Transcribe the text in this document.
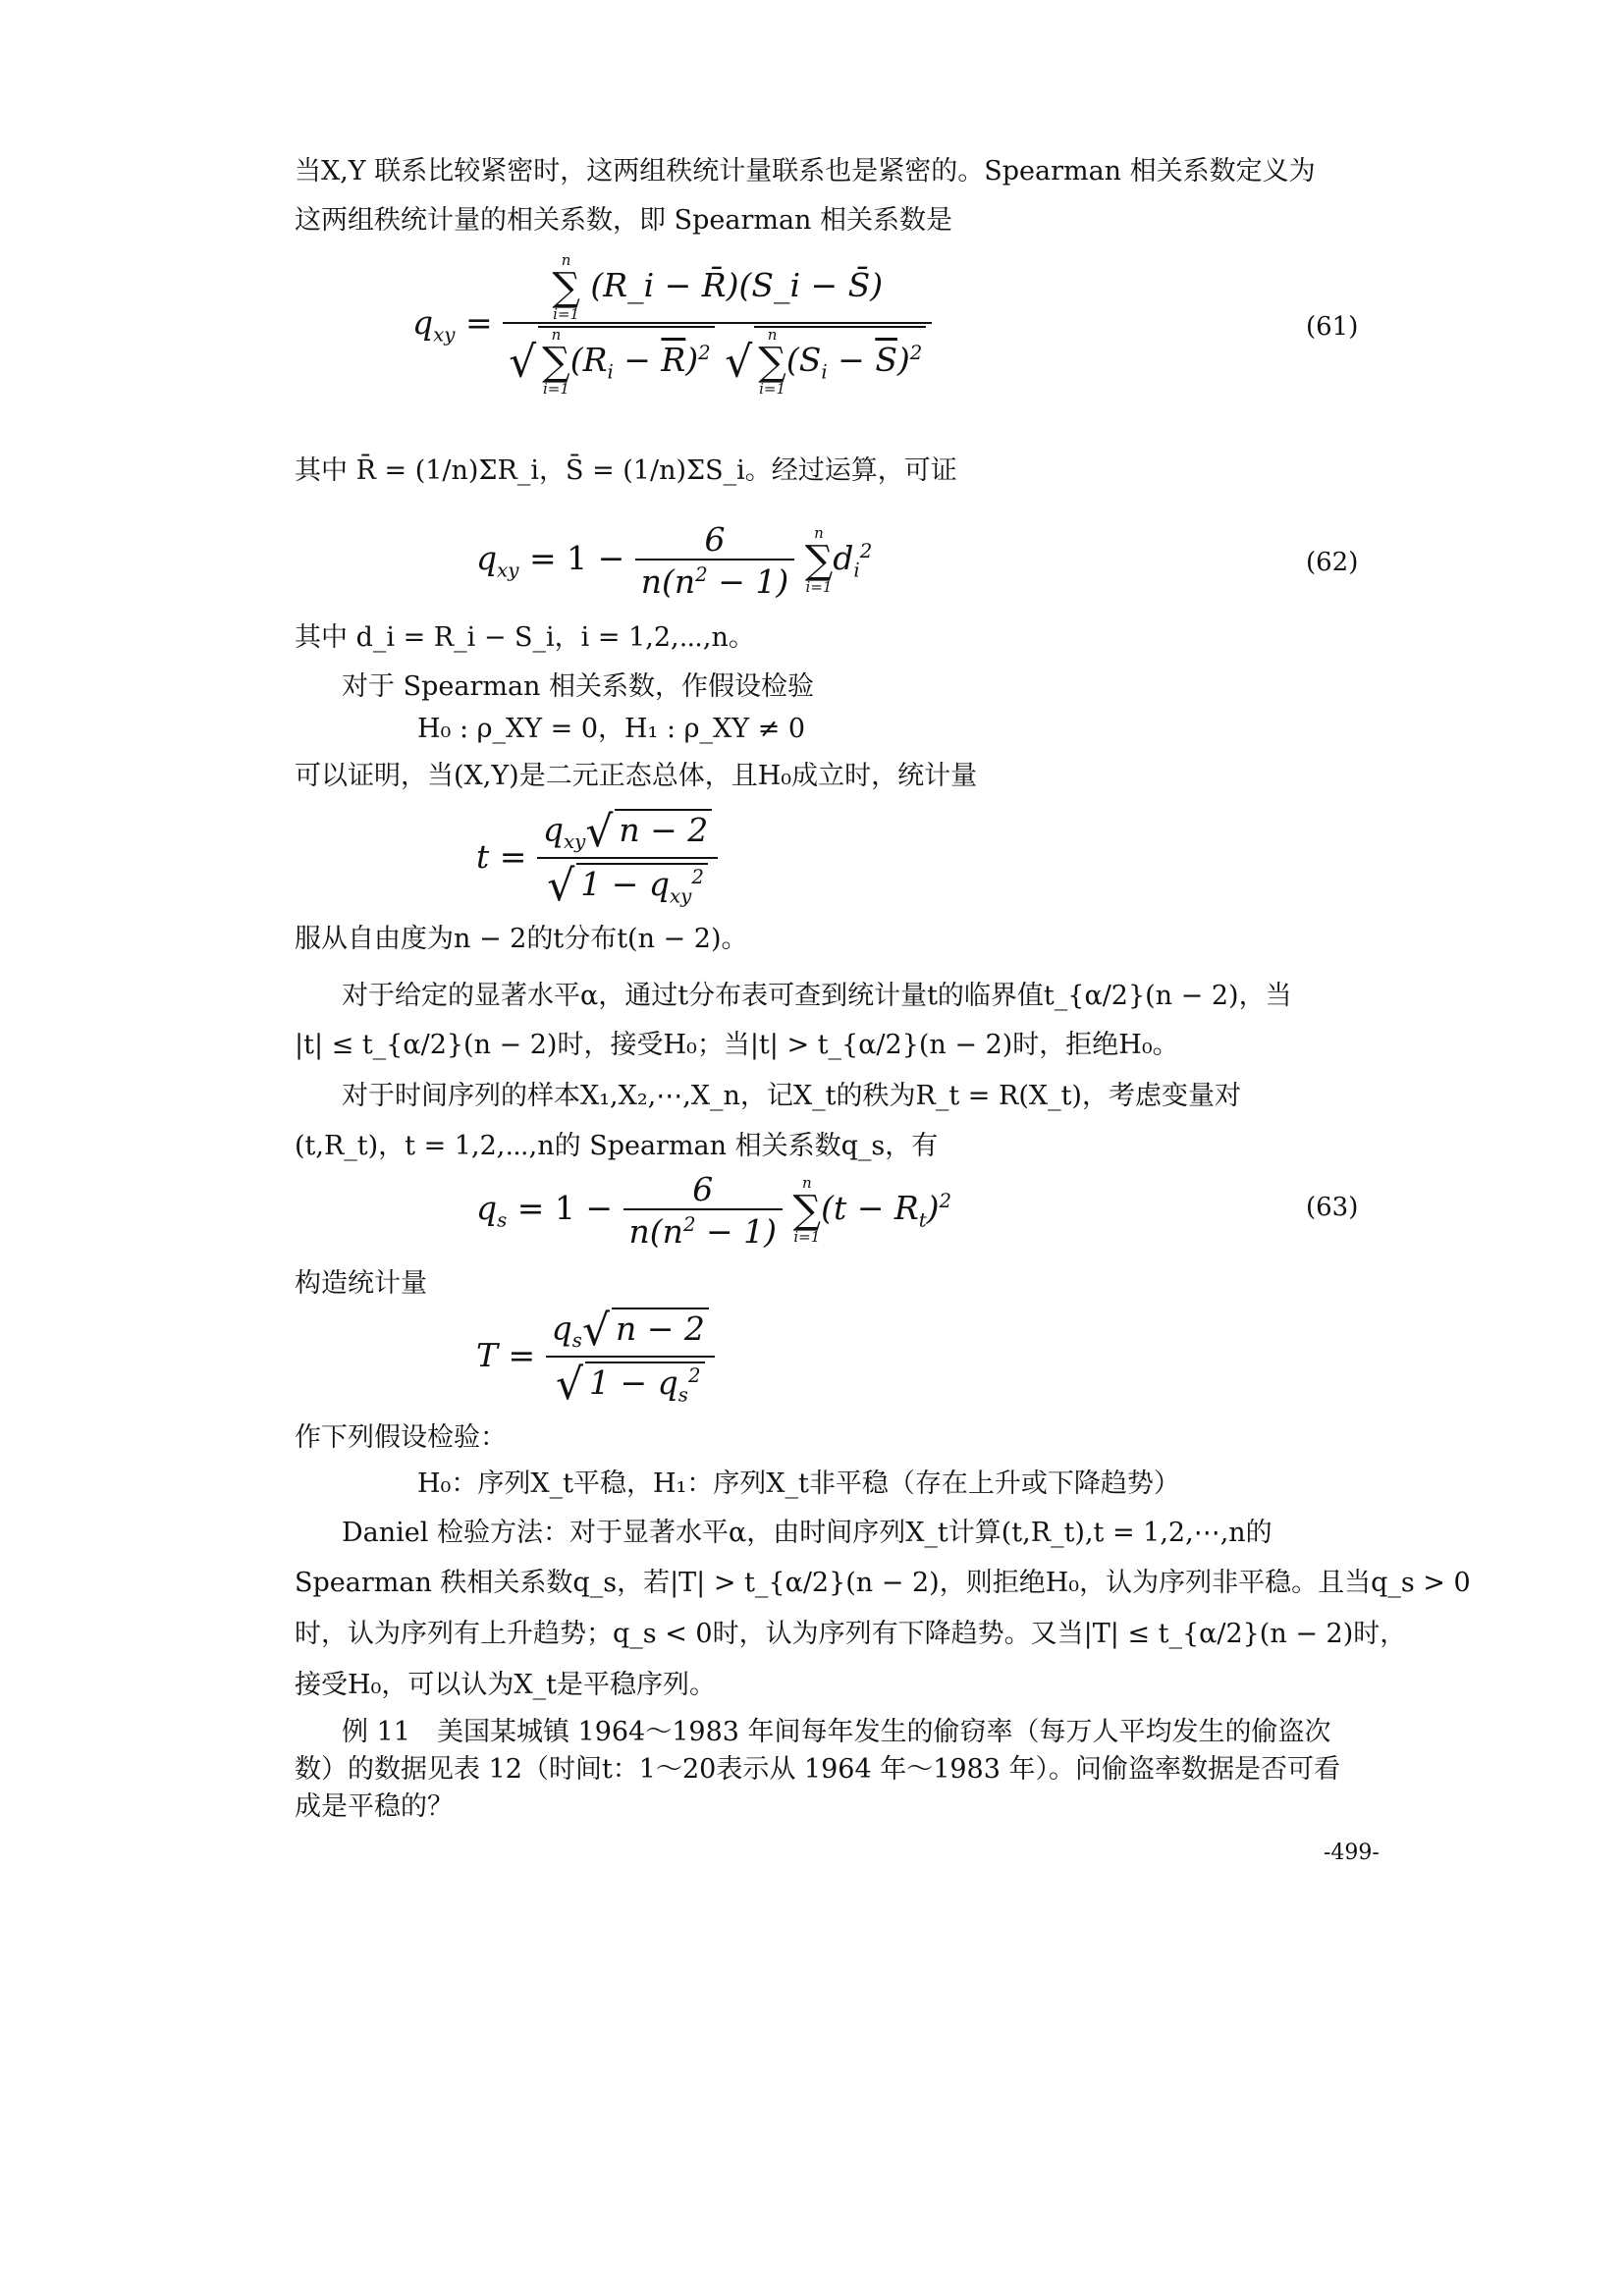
当X,Y 联系比较紧密时，这两组秩统计量联系也是紧密的。Spearman 相关系数定义为
这两组秩统计量的相关系数，即 Spearman 相关系数是
$q_{xy} = n$
∑
i=1
(R_i − R̄)(S_i − S̄)
√
n
∑
i=1
$(R_i - \overline{R})^2$ √
n
∑
i=1
$(S_i - \overline{S})^2$	(61)
其中 R̄ = (1/n)ΣR_i，S̄ = (1/n)ΣS_i。经过运算，可证
$q_{xy} = 1 - \frac{6}{n(n^2 - 1)}$
	n
∑
i=1
$d_i^2$	(62)
其中 d_i = R_i − S_i，i = 1,2,⋯,n。
对于 Spearman 相关系数，作假设检验
H₀ : ρ_XY = 0，H₁ : ρ_XY ≠ 0
可以证明，当(X,Y)是二元正态总体，且H₀成立时，统计量
$t = \frac{q_{xy}√ n - 2}{√ 1 - q_{xy}^2}$
服从自由度为n − 2的t分布t(n − 2)。
对于给定的显著水平α，通过t分布表可查到统计量t的临界值t_{α/2}(n − 2)，当
|t| ≤ t_{α/2}(n − 2)时，接受H₀；当|t| > t_{α/2}(n − 2)时，拒绝H₀。
对于时间序列的样本X₁,X₂,⋯,X_n，记X_t的秩为R_t = R(X_t)，考虑变量对
(t,R_t)，t = 1,2,⋯,n的 Spearman 相关系数q_s，有
$q_s = 1 - \frac{6}{n(n^2 - 1)}$
	n
∑
i=1
$(t - R_t)^2$	(63)
构造统计量
$T = \frac{q_s√ n - 2}{√ 1 - q_s^2}$
作下列假设检验：
H₀：序列X_t平稳，H₁：序列X_t非平稳（存在上升或下降趋势）
Daniel 检验方法：对于显著水平α，由时间序列X_t计算(t,R_t),t = 1,2,⋯,n的
Spearman 秩相关系数q_s，若|T| > t_{α/2}(n − 2)，则拒绝H₀，认为序列非平稳。且当q_s > 0
时，认为序列有上升趋势；q_s < 0时，认为序列有下降趋势。又当|T| ≤ t_{α/2}(n − 2)时，
接受H₀，可以认为X_t是平稳序列。
例 11　美国某城镇 1964～1983 年间每年发生的偷窃率（每万人平均发生的偷盗次
数）的数据见表 12（时间t：1～20表示从 1964 年～1983 年）。问偷盗率数据是否可看
成是平稳的？
-499-
